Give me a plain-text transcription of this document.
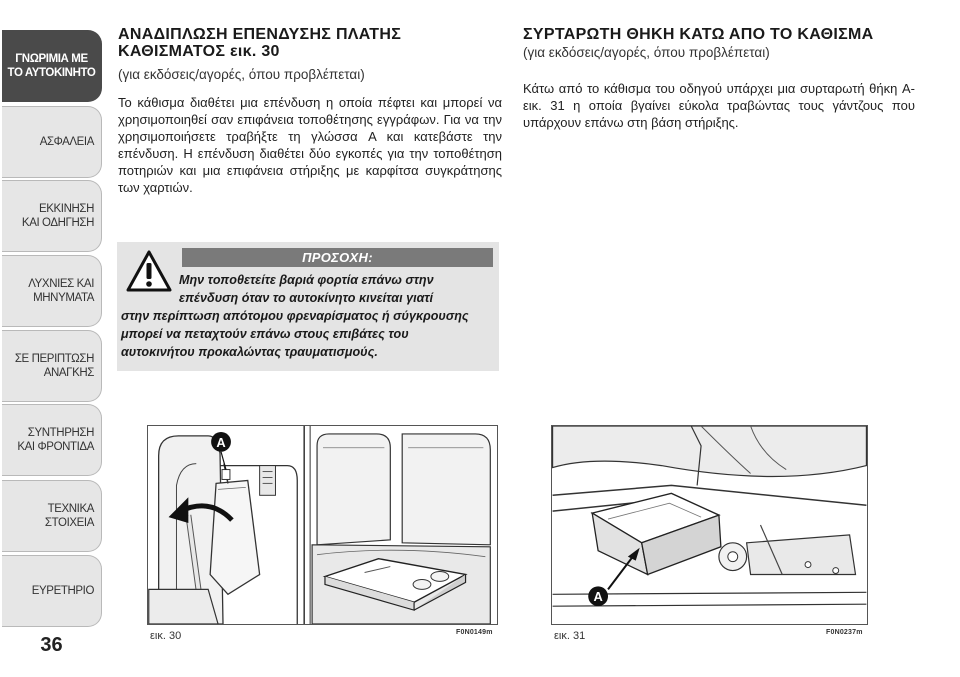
ΓΝΩΡΙΜΙΑ ΜΕ
ΤΟ ΑΥΤΟΚΙΝΗΤΟ
ΑΣΦΑΛΕΙΑ
ΕΚΚΙΝΗΣΗ
ΚΑΙ ΟΔΗΓΗΣΗ
ΛΥΧΝΙΕΣ ΚΑΙ
ΜΗΝΥΜΑΤΑ
ΣΕ ΠΕΡΙΠΤΩΣΗ
ΑΝΑΓΚΗΣ
ΣΥΝΤΗΡΗΣΗ
ΚΑΙ ΦΡΟΝΤΙΔΑ
ΤΕΧΝΙΚΑ
ΣΤΟΙΧΕΙΑ
ΕΥΡΕΤΗΡΙΟ
36
ΑΝΑΔΙΠΛΩΣΗ ΕΠΕΝΔΥΣΗΣ ΠΛΑΤΗΣ
ΚΑΘΙΣΜΑΤΟΣ εικ. 30
(για εκδόσεις/αγορές, όπου προβλέπεται)

Το κάθισμα διαθέτει μια επένδυση η οποία πέφτει και μπορεί να χρησιμοποιηθεί σαν επιφάνεια τοποθέτησης εγγράφων. Για να την χρησιμοποιήσετε τραβήξτε τη γλώσσα A και κατεβάστε την επένδυση. Η επένδυση διαθέτει δύο εγκοπές για την τοποθέτηση ποτηριών και μια επιφάνεια στήριξης με καρφίτσα συγκράτησης των χαρτιών.

ΠΡΟΣΟΧΗ:
Μην τοποθετείτε βαριά φορτία επάνω στην
επένδυση όταν το αυτοκίνητο κινείται γιατί
στην περίπτωση απότομου φρεναρίσματος ή σύγκρουσης
μπορεί να πεταχτούν επάνω στους επιβάτες του
αυτοκινήτου προκαλώντας τραυματισμούς.
ΣΥΡΤΑΡΩΤΗ ΘΗΚΗ ΚΑΤΩ ΑΠΟ ΤΟ ΚΑΘΙΣΜΑ
(για εκδόσεις/αγορές, όπου προβλέπεται)

Κάτω από το κάθισμα του οδηγού υπάρχει μια συρταρωτή θήκη A-εικ. 31 η οποία βγαίνει εύκολα τραβώντας τους γάντζους που υπάρχουν επάνω στη βάση στήριξης.

A
εικ. 30	F0N0149m
A
εικ. 31	F0N0237m
